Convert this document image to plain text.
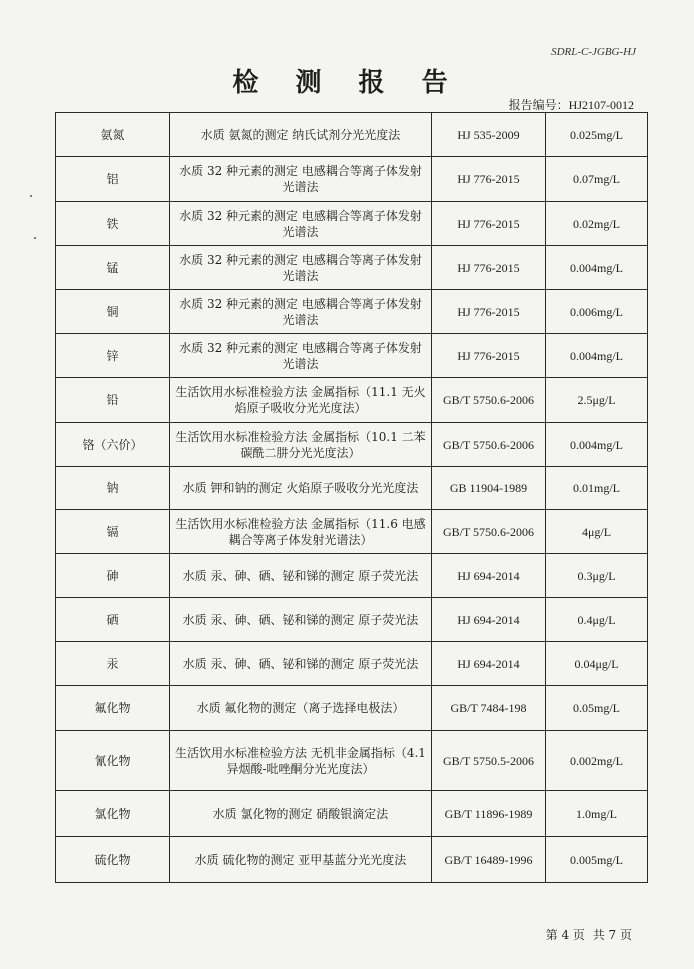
SDRL-C-JGBG-HJ
检 测 报 告
报告编号：HJ2107-0012
氨氮	水质 氨氮的测定 纳氏试剂分光光度法	HJ 535-2009	0.025mg/L
铝	水质 32 种元素的测定 电感耦合等离子体发射光谱法	HJ 776-2015	0.07mg/L
铁	水质 32 种元素的测定 电感耦合等离子体发射光谱法	HJ 776-2015	0.02mg/L
锰	水质 32 种元素的测定 电感耦合等离子体发射光谱法	HJ 776-2015	0.004mg/L
铜	水质 32 种元素的测定 电感耦合等离子体发射光谱法	HJ 776-2015	0.006mg/L
锌	水质 32 种元素的测定 电感耦合等离子体发射光谱法	HJ 776-2015	0.004mg/L
铅	生活饮用水标准检验方法 金属指标（11.1 无火焰原子吸收分光光度法）	GB/T 5750.6-2006	2.5μg/L
铬（六价）	生活饮用水标准检验方法 金属指标（10.1 二苯碳酰二肼分光光度法）	GB/T 5750.6-2006	0.004mg/L
钠	水质 钾和钠的测定 火焰原子吸收分光光度法	GB 11904-1989	0.01mg/L
镉	生活饮用水标准检验方法 金属指标（11.6 电感耦合等离子体发射光谱法）	GB/T 5750.6-2006	4μg/L
砷	水质 汞、砷、硒、铋和锑的测定 原子荧光法	HJ 694-2014	0.3μg/L
硒	水质 汞、砷、硒、铋和锑的测定 原子荧光法	HJ 694-2014	0.4μg/L
汞	水质 汞、砷、硒、铋和锑的测定 原子荧光法	HJ 694-2014	0.04μg/L
氟化物	水质 氟化物的测定（离子选择电极法）	GB/T 7484-198	0.05mg/L
氰化物	生活饮用水标准检验方法 无机非金属指标（4.1 异烟酸-吡唑酮分光光度法）	GB/T 5750.5-2006	0.002mg/L
氯化物	水质 氯化物的测定 硝酸银滴定法	GB/T 11896-1989	1.0mg/L
硫化物	水质 硫化物的测定 亚甲基蓝分光光度法	GB/T 16489-1996	0.005mg/L
第 4 页 共 7 页
